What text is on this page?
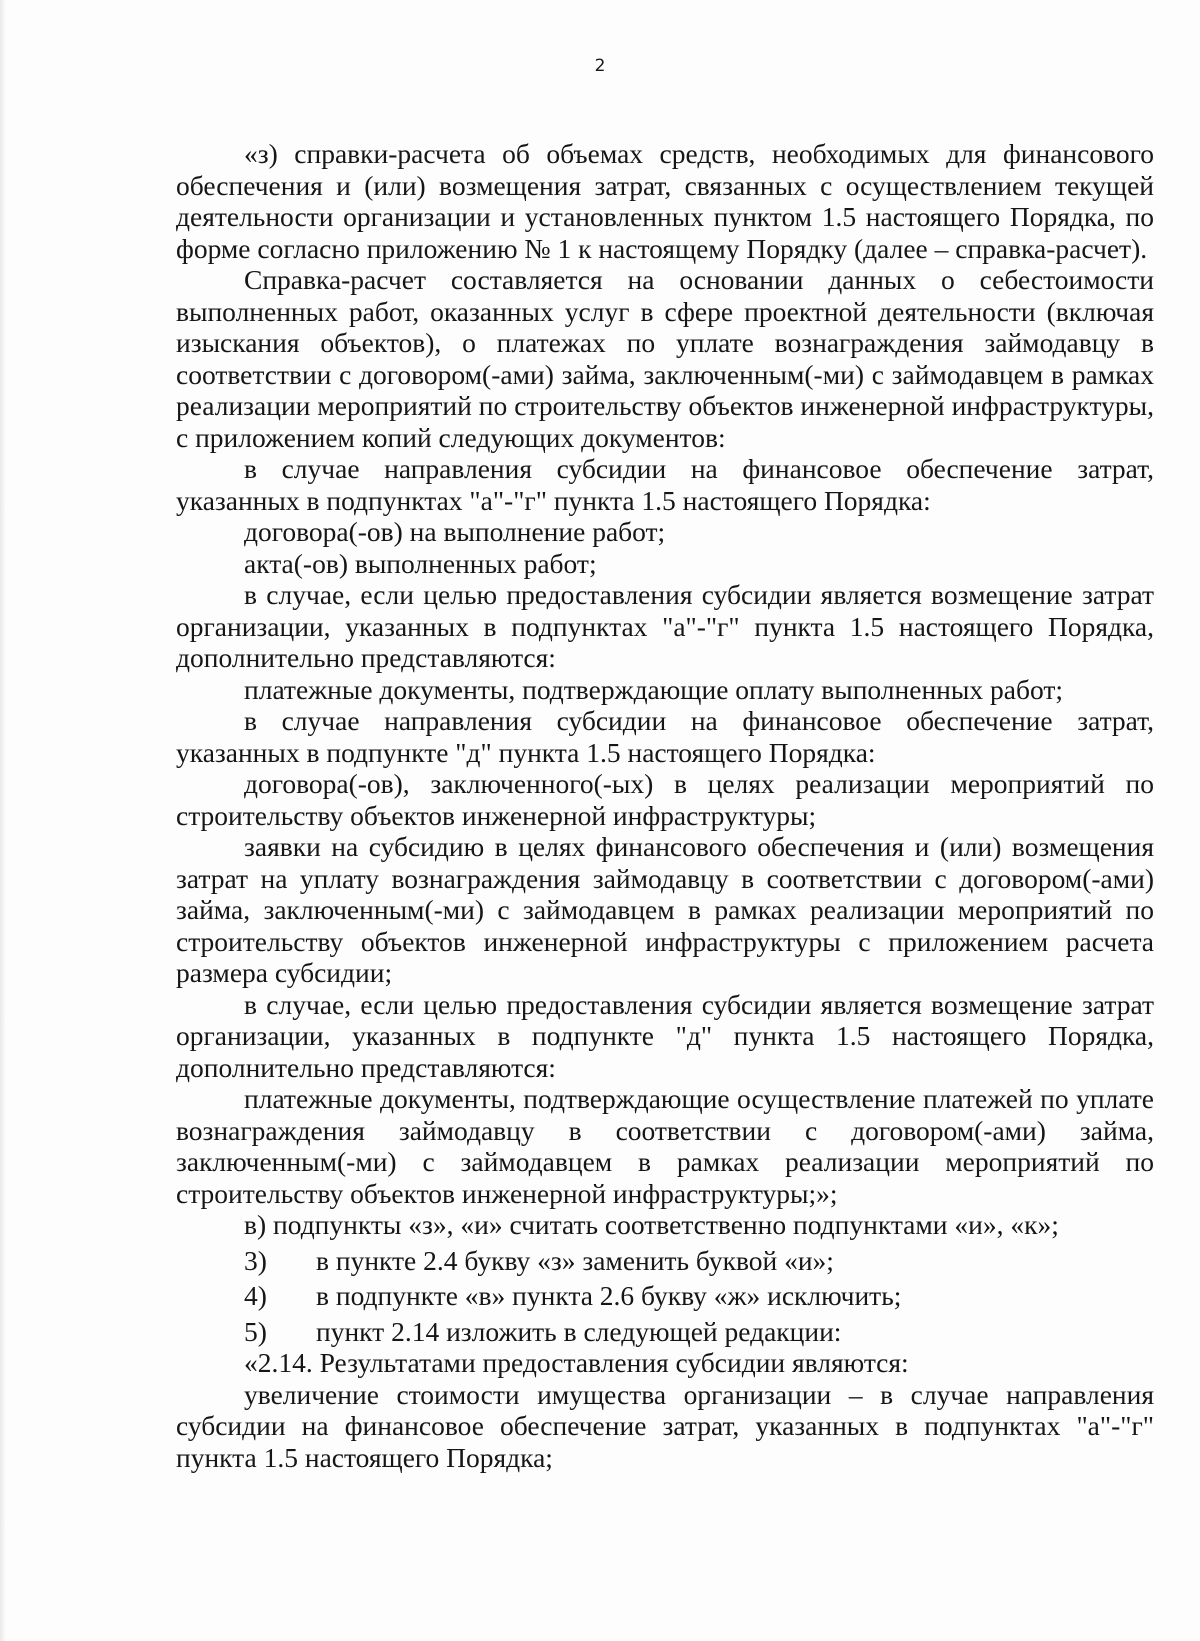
2

«з) справки-расчета об объемах средств, необходимых для финансового обеспечения и (или) возмещения затрат, связанных с осуществлением текущей деятельности организации и установленных пунктом 1.5 настоящего Порядка, по форме согласно приложению № 1 к настоящему Порядку (далее – справка-расчет).

Справка-расчет составляется на основании данных о себестоимости выполненных работ, оказанных услуг в сфере проектной деятельности (включая изыскания объектов), о платежах по уплате вознаграждения займодавцу в соответствии с договором(-ами) займа, заключенным(-ми) с займодавцем в рамках реализации мероприятий по строительству объектов инженерной инфраструктуры, с приложением копий следующих документов:

в случае направления субсидии на финансовое обеспечение затрат, указанных в подпунктах "а"-"г" пункта 1.5 настоящего Порядка:

договора(-ов) на выполнение работ;

акта(-ов) выполненных работ;

в случае, если целью предоставления субсидии является возмещение затрат организации, указанных в подпунктах "а"-"г" пункта 1.5 настоящего Порядка, дополнительно представляются:

платежные документы, подтверждающие оплату выполненных работ;

в случае направления субсидии на финансовое обеспечение затрат, указанных в подпункте "д" пункта 1.5 настоящего Порядка:

договора(-ов), заключенного(-ых) в целях реализации мероприятий по строительству объектов инженерной инфраструктуры;

заявки на субсидию в целях финансового обеспечения и (или) возмещения затрат на уплату вознаграждения займодавцу в соответствии с договором(-ами) займа, заключенным(-ми) с займодавцем в рамках реализации мероприятий по строительству объектов инженерной инфраструктуры с приложением расчета размера субсидии;

в случае, если целью предоставления субсидии является возмещение затрат организации, указанных в подпункте "д" пункта 1.5 настоящего Порядка, дополнительно представляются:

платежные документы, подтверждающие осуществление платежей по уплате вознаграждения займодавцу в соответствии с договором(-ами) займа, заключенным(-ми) с займодавцем в рамках реализации мероприятий по строительству объектов инженерной инфраструктуры;»;

в) подпункты «з», «и» считать соответственно подпунктами «и», «к»;

3) в пункте 2.4 букву «з» заменить буквой «и»;

4) в подпункте «в» пункта 2.6 букву «ж» исключить;

5) пункт 2.14 изложить в следующей редакции:

«2.14. Результатами предоставления субсидии являются:

увеличение стоимости имущества организации – в случае направления субсидии на финансовое обеспечение затрат, указанных в подпунктах "а"-"г" пункта 1.5 настоящего Порядка;
